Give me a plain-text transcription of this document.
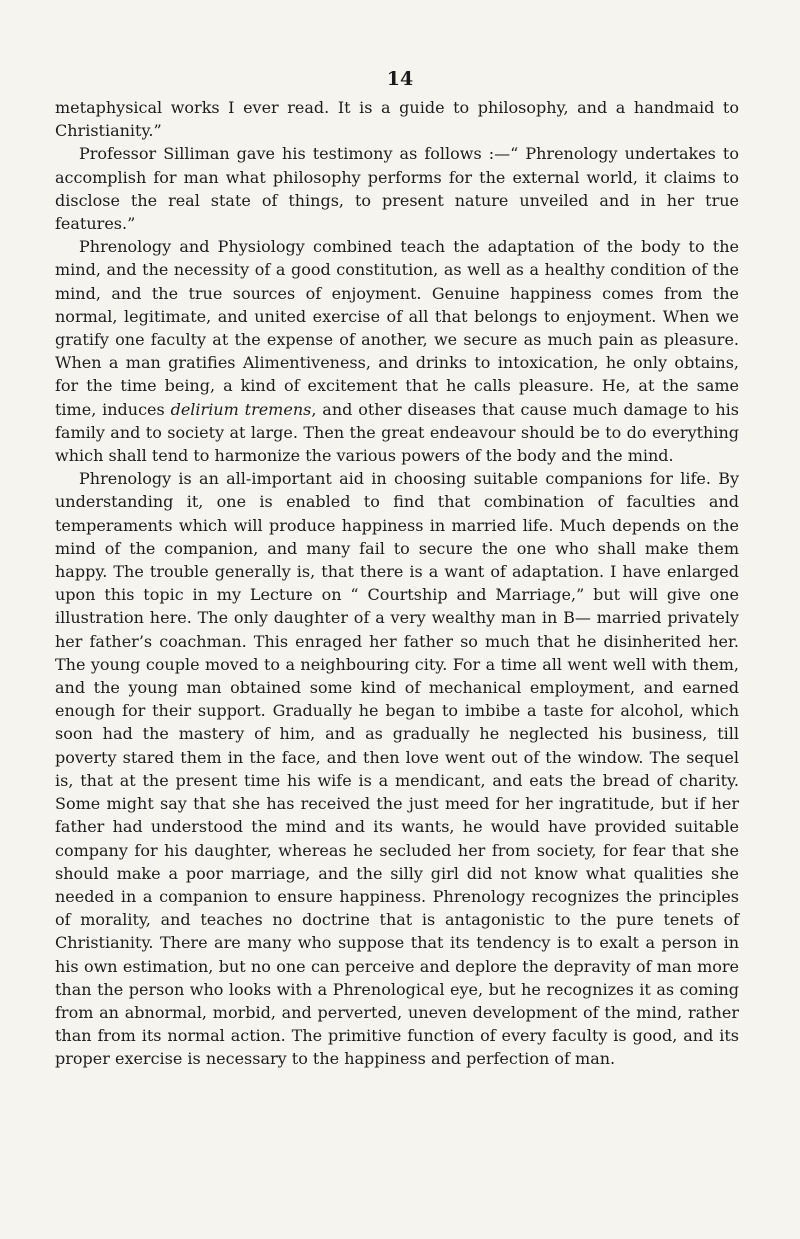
14

metaphysical works I ever read. It is a guide to philosophy, and a handmaid to Christianity.”

Professor Silliman gave his testimony as follows :—“ Phrenology undertakes to accomplish for man what philosophy performs for the external world, it claims to disclose the real state of things, to present nature unveiled and in her true features.”

Phrenology and Physiology combined teach the adaptation of the body to the mind, and the necessity of a good constitution, as well as a healthy condition of the mind, and the true sources of enjoyment. Genuine happiness comes from the normal, legitimate, and united exercise of all that belongs to enjoyment. When we gratify one faculty at the expense of another, we secure as much pain as pleasure. When a man gratifies Alimentiveness, and drinks to intoxication, he only obtains, for the time being, a kind of excitement that he calls pleasure. He, at the same time, induces delirium tremens, and other diseases that cause much damage to his family and to society at large. Then the great endeavour should be to do everything which shall tend to harmonize the various powers of the body and the mind.

Phrenology is an all-important aid in choosing suitable companions for life. By understanding it, one is enabled to find that combination of faculties and temperaments which will produce happiness in married life. Much depends on the mind of the companion, and many fail to secure the one who shall make them happy. The trouble generally is, that there is a want of adaptation. I have enlarged upon this topic in my Lecture on “ Courtship and Marriage,” but will give one illustration here. The only daughter of a very wealthy man in B— married privately her father’s coachman. This enraged her father so much that he disinherited her. The young couple moved to a neighbouring city. For a time all went well with them, and the young man obtained some kind of mechanical employment, and earned enough for their support. Gradually he began to imbibe a taste for alcohol, which soon had the mastery of him, and as gradually he neglected his business, till poverty stared them in the face, and then love went out of the window. The sequel is, that at the present time his wife is a mendicant, and eats the bread of charity. Some might say that she has received the just meed for her ingratitude, but if her father had understood the mind and its wants, he would have provided suitable company for his daughter, whereas he secluded her from society, for fear that she should make a poor marriage, and the silly girl did not know what qualities she needed in a companion to ensure happiness. Phrenology recognizes the principles of morality, and teaches no doctrine that is antagonistic to the pure tenets of Christianity. There are many who suppose that its tendency is to exalt a person in his own estimation, but no one can perceive and deplore the depravity of man more than the person who looks with a Phrenological eye, but he recognizes it as coming from an abnormal, morbid, and perverted, uneven development of the mind, rather than from its normal action. The primitive function of every faculty is good, and its proper exercise is necessary to the happiness and perfection of man.
